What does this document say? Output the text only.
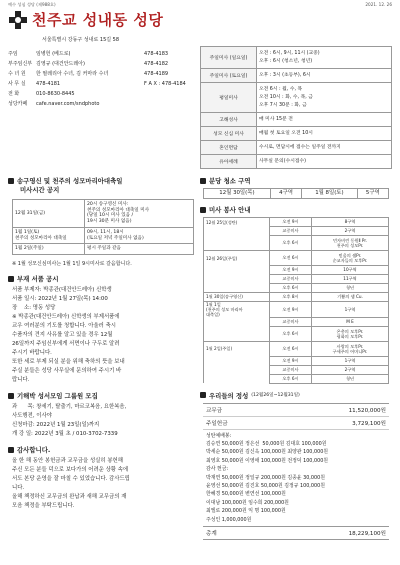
예수 성심 성당 (제988호)	2021. 12. 26
천주교 성내동 성당
서울특별시 강동구 성내로 15길 58
주임	임병헌 (베드로)	478-4183
부주임신부 김영규 (대건안드레아)	478-4182
수 녀 원	한 필레리아 수녀, 김 커마라 수녀	478-4189
사 무 실	478-4181	F A X : 478-4184
전 화	010-8630-8445
성당카페	cafe.naver.com/sndphoto
주일미사 (일요일)	오전 : 6시, 9시, 11시 (교중)
오후 : 6시 (청소년, 청년)
주일미사 (토요일)	오후 : 3시 (초등부), 6시
평일미사	오전 6시 : 월, 수, 목
오전 10시 : 화, 수, 목, 금
오후 7시 30분 : 화, 금
고해성사	매 미사 15분 전
성모 신심 미사	매월 첫 토요일 오전 10시
혼인면담	수시로, 면담시에 접수는 일주일 전까지
유아세례	사무실 문의(수시접수)
송구영신 및 천주의 성모마리아대축일
미사시간 공지
12월 31일(금)	20시 송구영신 미사:
천주의 성모마리아 대축일 미사
(당일 10시 미사 있음 /
19시 30분 미사 없음)
1월 1일(토)
천주의 성모마리아 대축일	09시, 11시, 18시
(토요일 저녁 주일미사 없음)
1월 2일(주일)	평시 주일과 같음
※ 1월 성모신심미사는 1월 1일 9시미사로 갈음합니다.
부재 서품 공시
서품 부제자: 박종관(대건안드레아) 신학생
서품 일시: 2022년 1월 27일(목) 14:00
장    소: 명동 성당
※ 박종관(대건안드레아) 신학생의 부제서품에
교우 여러분의 기도를 청합니다. 아울러 축시
수품자의 견지 사유를 알고 있을 경우 12월
26일까지 주임신부에게 서면이나 구두로 알려
주시기 바랍니다.
또한 세로 부제 되실 분을 위해 축하의 뜻을 보내
주실 분들은 성당 사무실에 문의하여 주시기 바
랍니다.
기해박 성서모임 그룹원 모집
과      목: 창세기, 탈출기, 마르코복음, 요한복음,
사도행전, 이사야
신청마감: 2022년 1월 23일(일)까지
개 강 일: 2022년 3월 초 / 010-3702-7339
감사합니다.
올 한 해 동안 봉헌금과 교무금을 성실히 봉헌해
주신 모든 분들 덕으로 보다가의 어려운 상황 속에
서도 본당 운영을 잘 마칠 수 있었습니다. 감사드립
니다.
올해 책정하신 교무금의 완납과 새해 교무금의 재
모음 책정을 부탁드립니다.
분당 청소 구역
12월 30일(목)	4구역	1월 8일(토)	5구역
미사 봉사 안내
12월 25일(성탄)	오전 9시	8구역
	교중미사	2구역
	오후 6시	민자비린 동원Ⅱ Pr.
천주의 성모Pr.
12월 26일(주일)	오전 6시	믿음의 샘Pr.
순교자들의 모후Pr.
	오전 9시	10구역
	교중미사	11구역
	오후 6시	청년
1월 30일(송구영신)	오후 8시	기쁨의 샘 Cu.
1월 1일
(천주의 성모 마리아
대축일)	오전 9시	1구역
	교중미사	M E
	오후 6시	온총의 모후Pr.
평화의 모후Pr.
1월 2일(주일)	오전 6시	사랑의 모후Pr.
구세주의 어머니Pr.
	오전 9시	1구역
	교중미사	2구역
	오후 6시	청년
우리들의 정성 (12월26일~12월31일)
교무금	11,520,000원
주일헌금	3,729,100원
성탄예배봉:
김승연 50,000원 정은선  50,000원 김대호 100,000원
박세순 50,000원 김신옥 100,000원 최양관 100,000원
최영호 50,000원 이영애 100,000원 전정덕 100,000원
감사 헌금:
박재연 50,000원 정일규 200,000원 김종윤 30,000원
윤영선 50,000원 김진호 50,000원 김정규 100,000원
한혜경 50,000원 변연선 100,000원
이대남 100,000원 임수희 200,000원
최엘로 200,000원 익 명 100,000원
주성인 1,000,000원
총계	18,229,100원
